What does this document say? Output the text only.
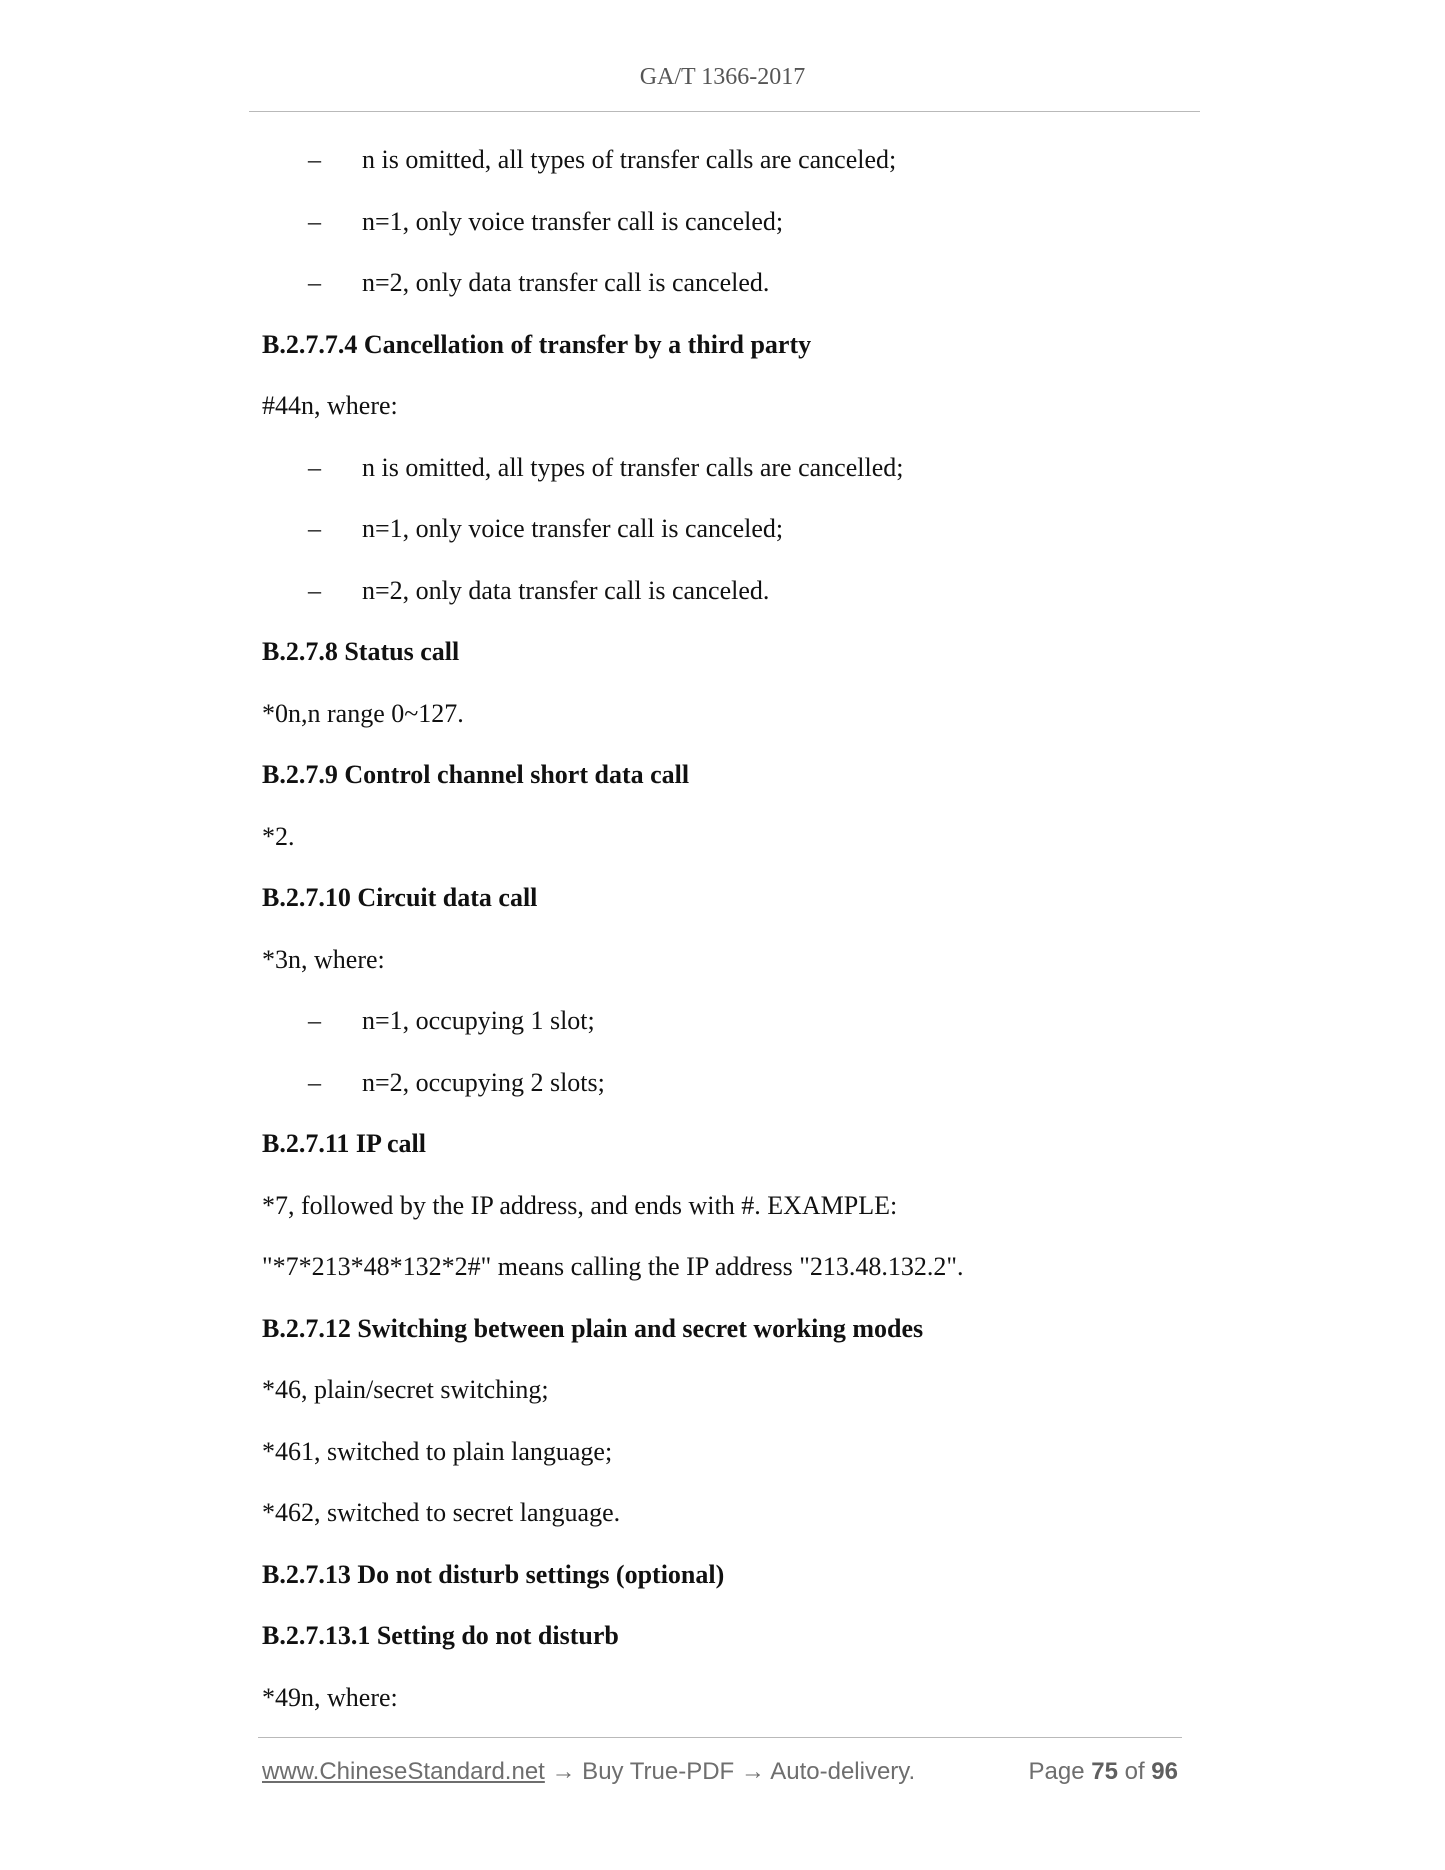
GA/T 1366-2017
– n is omitted, all types of transfer calls are canceled;
– n=1, only voice transfer call is canceled;
– n=2, only data transfer call is canceled.
B.2.7.7.4 Cancellation of transfer by a third party
#44n, where:
– n is omitted, all types of transfer calls are cancelled;
– n=1, only voice transfer call is canceled;
– n=2, only data transfer call is canceled.
B.2.7.8 Status call
*0n,n range 0~127.
B.2.7.9 Control channel short data call
*2.
B.2.7.10 Circuit data call
*3n, where:
– n=1, occupying 1 slot;
– n=2, occupying 2 slots;
B.2.7.11 IP call
*7, followed by the IP address, and ends with #. EXAMPLE:
"*7*213*48*132*2#" means calling the IP address "213.48.132.2".
B.2.7.12 Switching between plain and secret working modes
*46, plain/secret switching;
*461, switched to plain language;
*462, switched to secret language.
B.2.7.13 Do not disturb settings (optional)
B.2.7.13.1 Setting do not disturb
*49n, where:
www.ChineseStandard.net → Buy True-PDF → Auto-delivery.	Page 75 of 96
